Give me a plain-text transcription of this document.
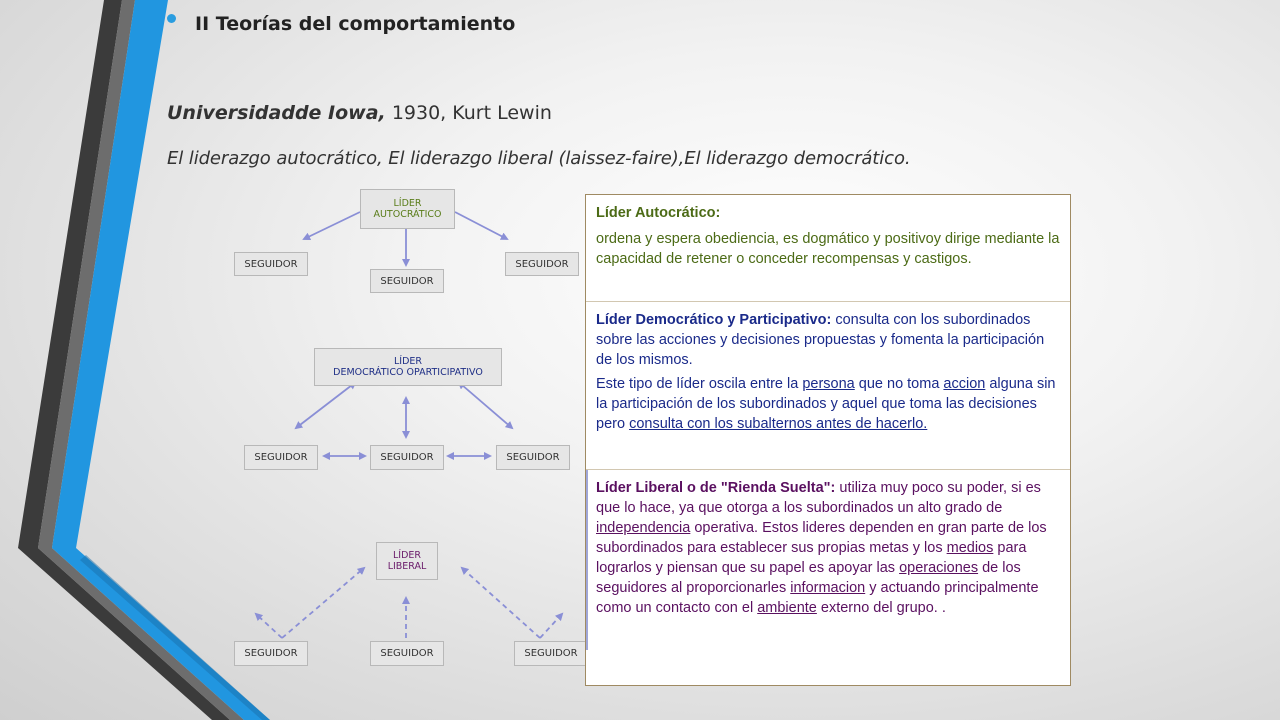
II Teorías del comportamiento
Universidadde Iowa, 1930, Kurt Lewin
El liderazgo autocrático, El liderazgo liberal (laissez-faire),El liderazgo democrático.
LÍDER
AUTOCRÁTICO
SEGUIDOR
SEGUIDOR
SEGUIDOR
LÍDER
DEMOCRÁTICO OPARTICIPATIVO
SEGUIDOR	SEGUIDOR	SEGUIDOR
LÍDER
LIBERAL
SEGUIDOR	SEGUIDOR	SEGUIDOR

Líder Autocrático:

ordena y espera obediencia, es dogmático y positivoy dirige mediante la capacidad de retener o conceder recompensas y castigos.

Líder Democrático y Participativo: consulta con los subordinados sobre las acciones y decisiones propuestas y fomenta la participación de los mismos.

Este tipo de líder oscila entre la persona que no toma accion alguna sin la participación de los subordinados y aquel que toma las decisiones pero consulta con los subalternos antes de hacerlo.

Líder Liberal o de "Rienda Suelta": utiliza muy poco su poder, si es que lo hace, ya que otorga a los subordinados un alto grado de independencia operativa. Estos lideres dependen en gran parte de los subordinados para establecer sus propias metas y los medios para lograrlos y piensan que su papel es apoyar las operaciones de los seguidores al proporcionarles informacion y actuando principalmente como un contacto con el ambiente externo del grupo. .
